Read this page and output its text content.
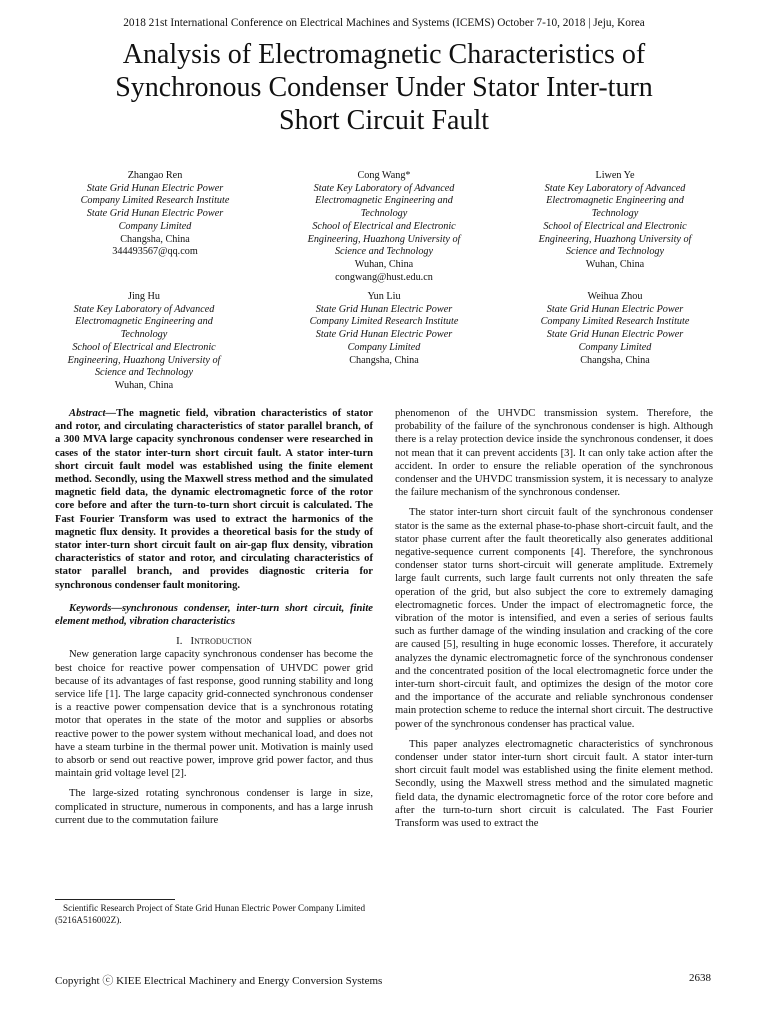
2018 21st International Conference on Electrical Machines and Systems (ICEMS) October 7-10, 2018 | Jeju, Korea
Analysis of Electromagnetic Characteristics of
Synchronous Condenser Under Stator Inter-turn
Short Circuit Fault
Zhangao Ren
State Grid Hunan Electric Power
Company Limited Research Institute
State Grid Hunan Electric Power
Company Limited
Changsha, China
344493567@qq.com
Cong Wang*
State Key Laboratory of Advanced
Electromagnetic Engineering and
Technology
School of Electrical and Electronic
Engineering, Huazhong University of
Science and Technology
Wuhan, China
congwang@hust.edu.cn
Liwen Ye
State Key Laboratory of Advanced
Electromagnetic Engineering and
Technology
School of Electrical and Electronic
Engineering, Huazhong University of
Science and Technology
Wuhan, China
Jing Hu
State Key Laboratory of Advanced
Electromagnetic Engineering and
Technology
School of Electrical and Electronic
Engineering, Huazhong University of
Science and Technology
Wuhan, China
Yun Liu
State Grid Hunan Electric Power
Company Limited Research Institute
State Grid Hunan Electric Power
Company Limited
Changsha, China
Weihua Zhou
State Grid Hunan Electric Power
Company Limited Research Institute
State Grid Hunan Electric Power
Company Limited
Changsha, China

Abstract—The magnetic field, vibration characteristics of stator and rotor, and circulating characteristics of stator parallel branch, of a 300 MVA large capacity synchronous condenser were researched in cases of the stator inter-turn short circuit fault. A stator inter-turn short circuit fault model was established using the finite element method. Secondly, using the Maxwell stress method and the simulated magnetic field data, the dynamic electromagnetic force of the rotor core before and after the turn-to-turn short circuit is calculated. The Fast Fourier Transform was used to extract the harmonics of the magnetic flux density. It provides a theoretical basis for the study of stator inter-turn short circuit fault on air-gap flux density, vibration characteristics of stator and rotor, and circulating characteristics of stator parallel branch, and provides diagnostic criteria for synchronous condenser fault monitoring.

Keywords—synchronous condenser, inter-turn short circuit, finite element method, vibration characteristics

I. Introduction

New generation large capacity synchronous condenser has become the best choice for reactive power compensation of UHVDC power grid because of its advantages of fast response, good running stability and long service life [1]. The large capacity grid-connected synchronous condenser is a reactive power compensation device that is a synchronous rotating motor that operates in the state of the motor and supplies or absorbs reactive power to the power system without mechanical load, and does not have a steam turbine in the thermal power unit. Motivation is mainly used to absorb or send out reactive power, improve grid power factor, and thus maintain grid voltage level [2].

The large-sized rotating synchronous condenser is large in size, complicated in structure, numerous in components, and has a large inrush current due to the commutation failure

phenomenon of the UHVDC transmission system. Therefore, the probability of the failure of the synchronous condenser is high. Although there is a relay protection device inside the synchronous condenser, it does not mean that it can prevent accidents [3]. It can only take action after the accident. In order to ensure the reliable operation of the synchronous condenser and the UHVDC transmission system, it is necessary to analyze the failure mechanism of the synchronous condenser.

The stator inter-turn short circuit fault of the synchronous condenser stator is the same as the external phase-to-phase short-circuit fault, and the stator phase current after the fault theoretically also generates additional negative-sequence current components [4]. Therefore, the synchronous condenser stator turns short-circuit will generate amplitude. Extremely large fault currents, such large fault currents not only threaten the safe operation of the grid, but also subject the core to extremely damaging electromagnetic forces. Under the impact of electromagnetic force, the vibration of the motor is intensified, and even a series of serious faults such as further damage of the winding insulation and cracking of the core are caused [5], resulting in huge economic losses. Therefore, it accurately analyzes the dynamic electromagnetic force of the synchronous condenser and the concentrated position of the local electromagnetic force under the inter-turn short-circuit fault, and optimizes the design of the motor core and the importance of the accurate and reliable synchronous condenser main protection scheme to reduce the internal short circuit. The destructive power of the synchronous condenser has practical value.

This paper analyzes electromagnetic characteristics of synchronous condenser under stator inter-turn short circuit fault. A stator inter-turn short circuit fault model was established using the finite element method. Secondly, using the Maxwell stress method and the simulated magnetic field data, the dynamic electromagnetic force of the rotor core before and after the turn-to-turn short circuit is calculated. The Fast Fourier Transform was used to extract the

Scientific Research Project of State Grid Hunan Electric Power Company Limited (5216A516002Z).
Copyright ⓒ KIEE Electrical Machinery and Energy Conversion Systems	2638
